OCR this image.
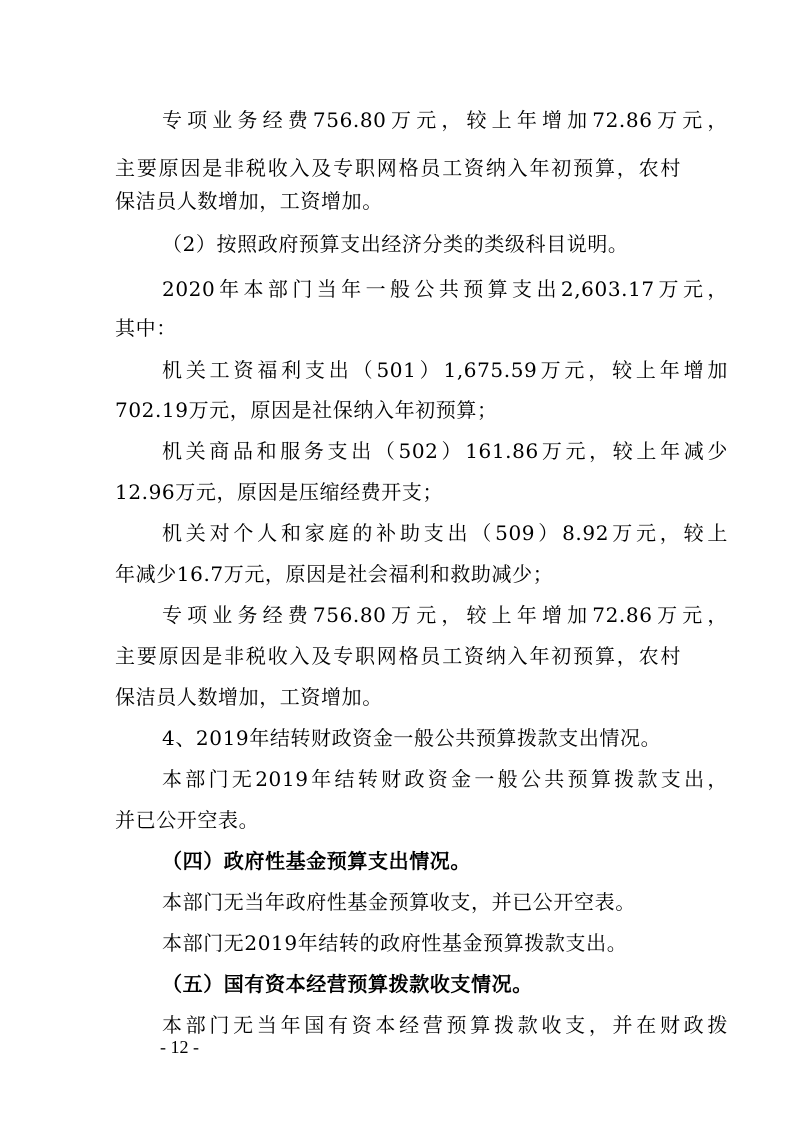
专项业务经费756.80万元，较上年增加72.86万元，
主要原因是非税收入及专职网格员工资纳入年初预算，农村
保洁员人数增加，工资增加。
（2）按照政府预算支出经济分类的类级科目说明。
2020年本部门当年一般公共预算支出2,603.17万元，
其中：
机关工资福利支出（501）1,675.59万元，较上年增加
702.19万元，原因是社保纳入年初预算；
机关商品和服务支出（502）161.86万元，较上年减少
12.96万元，原因是压缩经费开支；
机关对个人和家庭的补助支出（509）8.92万元，较上
年减少16.7万元，原因是社会福利和救助减少；
专项业务经费756.80万元，较上年增加72.86万元，
主要原因是非税收入及专职网格员工资纳入年初预算，农村
保洁员人数增加，工资增加。
4、2019年结转财政资金一般公共预算拨款支出情况。
本部门无2019年结转财政资金一般公共预算拨款支出，
并已公开空表。
（四）政府性基金预算支出情况。
本部门无当年政府性基金预算收支，并已公开空表。
本部门无2019年结转的政府性基金预算拨款支出。
（五）国有资本经营预算拨款收支情况。
本部门无当年国有资本经营预算拨款收支，并在财政拨
- 12 -
